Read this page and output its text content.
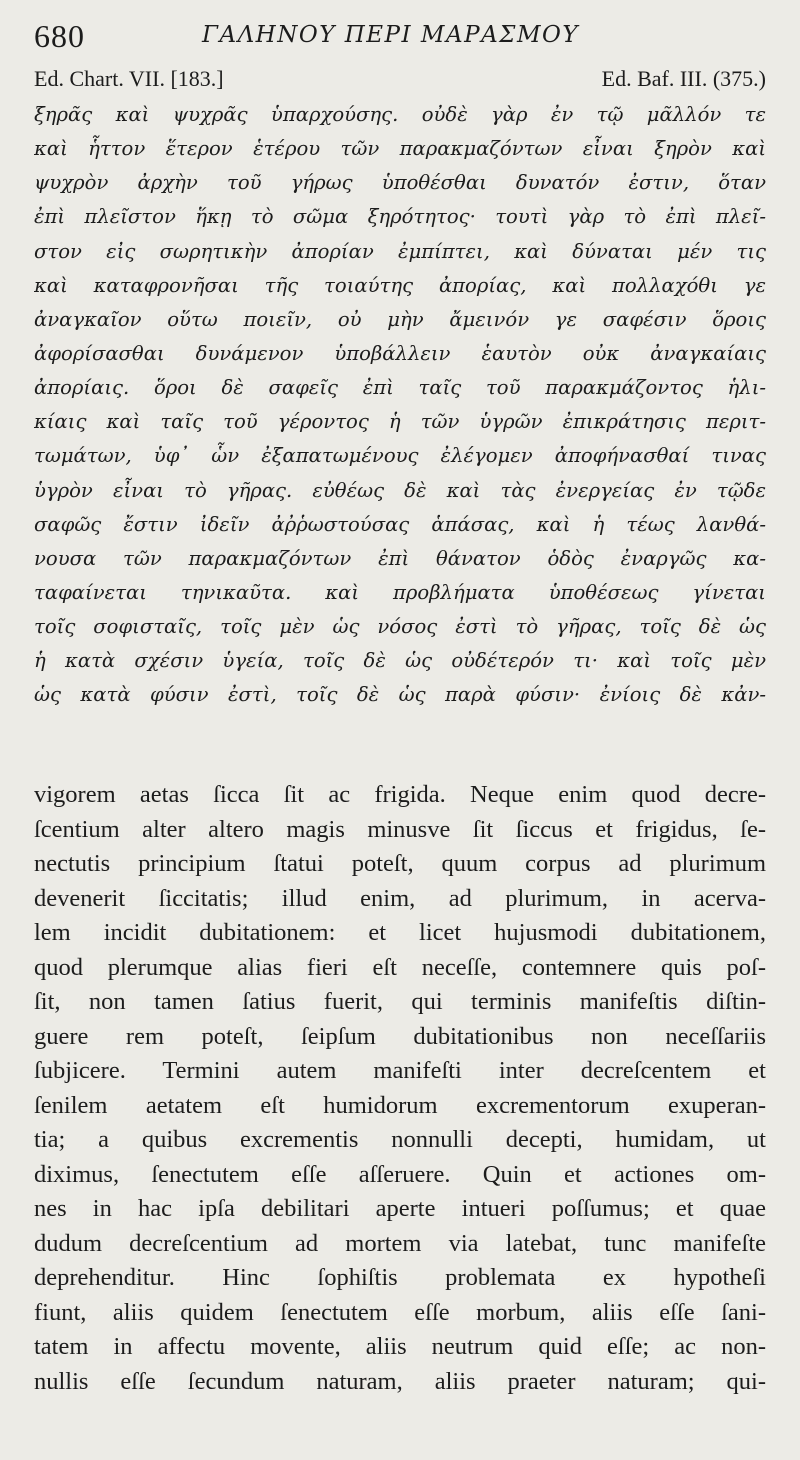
680	ΓΑΛΗΝΟΥ ΠΕΡΙ ΜΑΡΑΣΜΟΥ
Ed. Chart. VII. [183.]	Ed. Baf. III. (375.)
ξηρᾶς καὶ ψυχρᾶς ὑπαρχούσης. οὐδὲ γὰρ ἐν τῷ μᾶλλόν τε
καὶ ἧττον ἕτερον ἑτέρου τῶν παρακμαζόντων εἶναι ξηρὸν καὶ
ψυχρὸν ἀρχὴν τοῦ γήρως ὑποθέσθαι δυνατόν ἐστιν, ὅταν
ἐπὶ πλεῖστον ἥκῃ τὸ σῶμα ξηρότητος· τουτὶ γὰρ τὸ ἐπὶ πλεῖ-
στον εἰς σωρητικὴν ἀπορίαν ἐμπίπτει, καὶ δύναται μέν τις
καὶ καταφρονῆσαι τῆς τοιαύτης ἀπορίας, καὶ πολλαχόθι γε
ἀναγκαῖον οὕτω ποιεῖν, οὐ μὴν ἄμεινόν γε σαφέσιν ὅροις
ἀφορίσασθαι δυνάμενον ὑποβάλλειν ἑαυτὸν οὐκ ἀναγκαίαις
ἀπορίαις. ὅροι δὲ σαφεῖς ἐπὶ ταῖς τοῦ παρακμάζοντος ἡλι-
κίαις καὶ ταῖς τοῦ γέροντος ἡ τῶν ὑγρῶν ἐπικράτησις περιτ-
τωμάτων, ὑφ᾽ ὧν ἐξαπατωμένους ἐλέγομεν ἀποφήνασθαί τινας
ὑγρὸν εἶναι τὸ γῆρας. εὐθέως δὲ καὶ τὰς ἐνεργείας ἐν τῷδε
σαφῶς ἔστιν ἰδεῖν ἀῤῥωστούσας ἁπάσας, καὶ ἡ τέως λανθά-
νουσα τῶν παρακμαζόντων ἐπὶ θάνατον ὁδὸς ἐναργῶς κα-
ταφαίνεται τηνικαῦτα. καὶ προβλήματα ὑποθέσεως γίνεται
τοῖς σοφισταῖς, τοῖς μὲν ὡς νόσος ἐστὶ τὸ γῆρας, τοῖς δὲ ὡς
ἡ κατὰ σχέσιν ὑγεία, τοῖς δὲ ὡς οὐδέτερόν τι· καὶ τοῖς μὲν
ὡς κατὰ φύσιν ἐστὶ, τοῖς δὲ ὡς παρὰ φύσιν· ἐνίοις δὲ κἀν-
vigorem aetas ſicca ſit ac frigida. Neque enim quod decre-
ſcentium alter altero magis minusve ſit ſiccus et frigidus, ſe-
nectutis principium ſtatui poteſt, quum corpus ad plurimum
devenerit ſiccitatis; illud enim, ad plurimum, in acerva-
lem incidit dubitationem: et licet hujusmodi dubitationem,
quod plerumque alias fieri eſt neceſſe, contemnere quis poſ-
ſit, non tamen ſatius fuerit, qui terminis manifeſtis diſtin-
guere rem poteſt, ſeipſum dubitationibus non neceſſariis
ſubjicere. Termini autem manifeſti inter decreſcentem et
ſenilem aetatem eſt humidorum excrementorum exuperan-
tia; a quibus excrementis nonnulli decepti, humidam, ut
diximus, ſenectutem eſſe aſſeruere. Quin et actiones om-
nes in hac ipſa debilitari aperte intueri poſſumus; et quae
dudum decreſcentium ad mortem via latebat, tunc manifeſte
deprehenditur. Hinc ſophiſtis problemata ex hypotheſi
fiunt, aliis quidem ſenectutem eſſe morbum, aliis eſſe ſani-
tatem in affectu movente, aliis neutrum quid eſſe; ac non-
nullis eſſe ſecundum naturam, aliis praeter naturam; qui-
